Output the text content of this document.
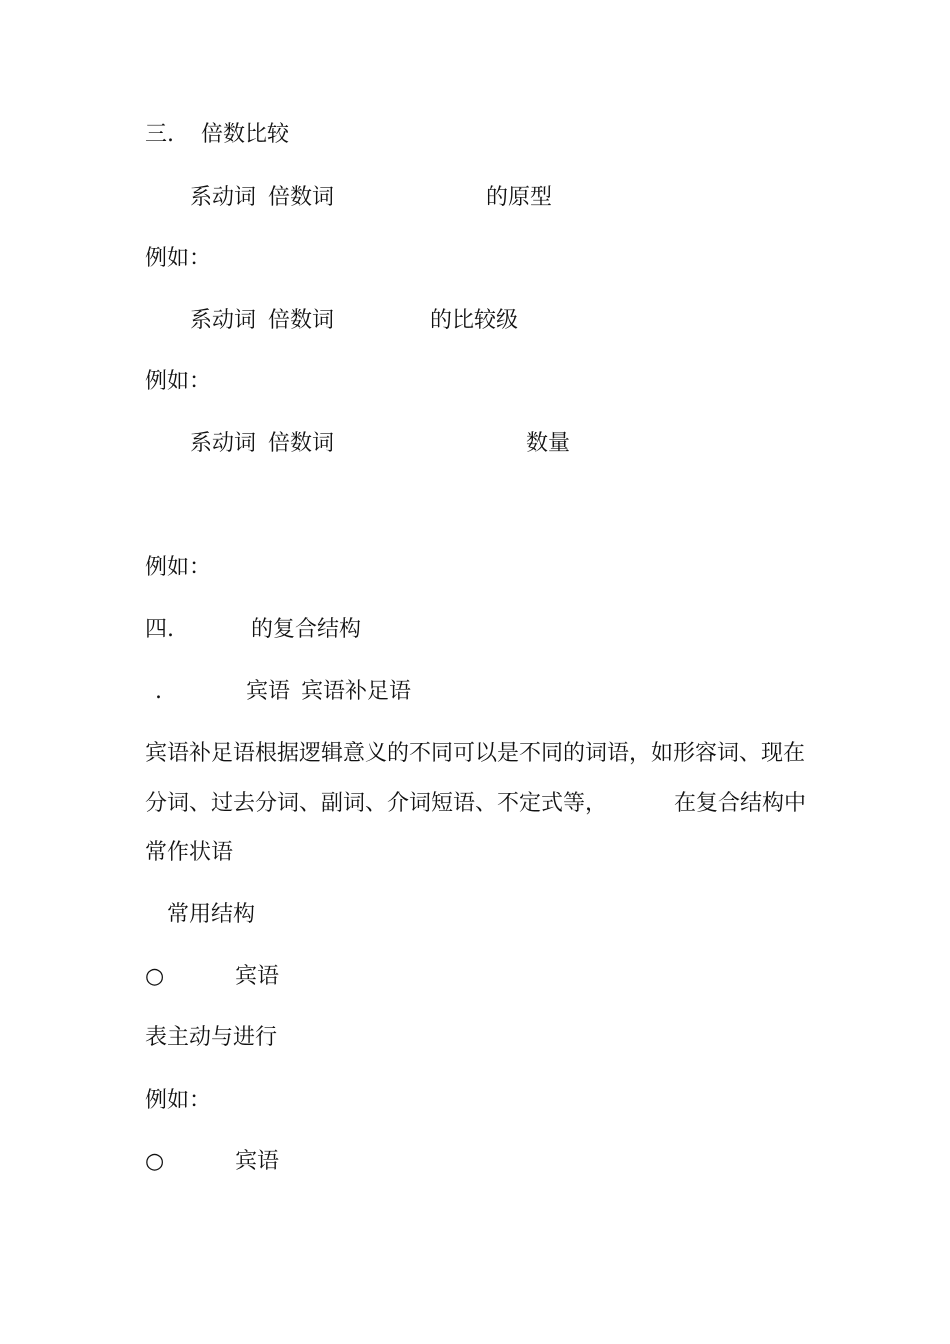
三. 倍数比较
系动词 倍数词	的原型
例如：
系动词 倍数词	的比较级
例如：
系动词 倍数词	数量
例如：
四.	的复合结构
.	宾语 宾语补足语
宾语补足语根据逻辑意义的不同可以是不同的词语，如形容词、现在
分词、过去分词、副词、介词短语、不定式等，	在复合结构中
常作状语
常用结构
○	宾语
表主动与进行
例如：
○	宾语
